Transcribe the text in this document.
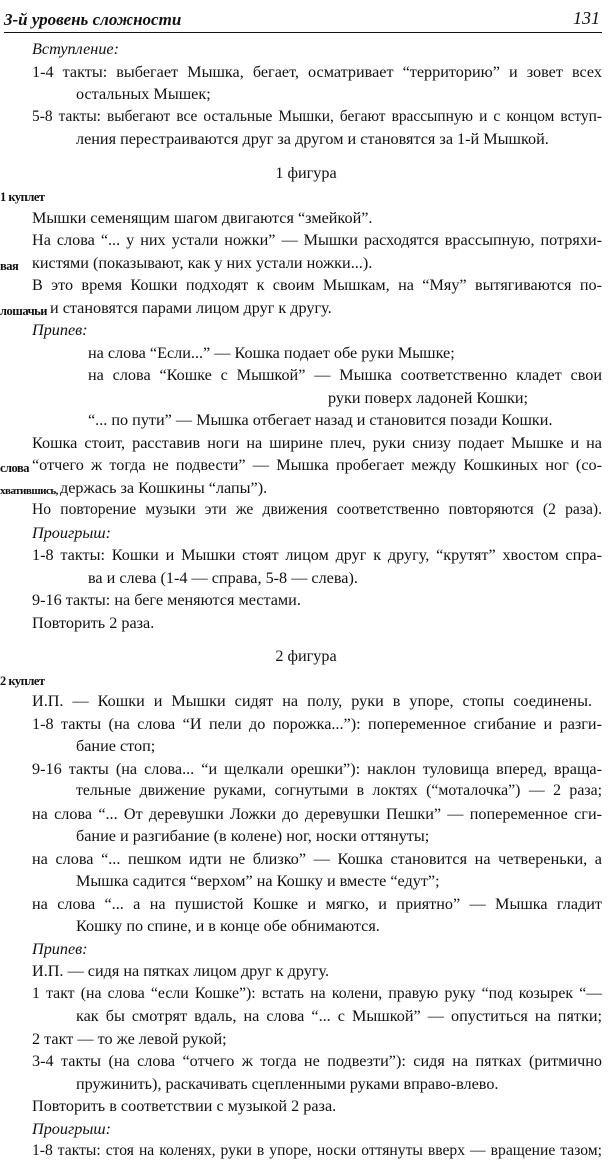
3-й уровень сложности	131
Вступление:
1-4 такты: выбегает Мышка, бегает, осматривает “территорию” и зовет всех
остальных Мышек;
5-8 такты: выбегают все остальные Мышки, бегают врассыпную и с концом вступ-
ления перестраиваются друг за другом и становятся за 1-й Мышкой.
1 фигура
1 куплет
Мышки семенящим шагом двигаются “змейкой”.
На слова “... у них устали ножки” — Мышки расходятся врассыпную, потряхи-
вая кистями (показывают, как у них устали ножки...).
В это время Кошки подходят к своим Мышкам, на “Мяу” вытягиваются по-
лошачьи и становятся парами лицом друг к другу.
Припев:
на слова “Если...” — Кошка подает обе руки Мышке;
на слова “Кошке с Мышкой” — Мышка соответственно кладет свои
руки поверх ладоней Кошки;
“... по пути” — Мышка отбегает назад и становится позади Кошки.
Кошка стоит, расставив ноги на ширине плеч, руки снизу подает Мышке и на
слова “отчего ж тогда не подвести” — Мышка пробегает между Кошкиных ног (со-
хватившись, держась за Кошкины “лапы”).
Но повторение музыки эти же движения соответственно повторяются (2 раза).
Проигрыш:
1-8 такты: Кошки и Мышки стоят лицом друг к другу, “крутят” хвостом спра-
ва и слева (1-4 — справа, 5-8 — слева).
9-16 такты: на беге меняются местами.
Повторить 2 раза.
2 фигура
2 куплет
И.П. — Кошки и Мышки сидят на полу, руки в упоре, стопы соединены.
1-8 такты (на слова “И пели до порожка...”): попеременное сгибание и разги-
бание стоп;
9-16 такты (на слова... “и щелкали орешки”): наклон туловища вперед, враща-
тельные движение руками, согнутыми в локтях (“моталочка”) — 2 раза;
на слова “... От деревушки Ложки до деревушки Пешки” — попеременное сги-
бание и разгибание (в колене) ног, носки оттянуты;
на слова “... пешком идти не близко” — Кошка становится на четвереньки, а
Мышка садится “верхом” на Кошку и вместе “едут”;
на слова “... а на пушистой Кошке и мягко, и приятно” — Мышка гладит
Кошку по спине, и в конце обе обнимаются.
Припев:
И.П. — сидя на пятках лицом друг к другу.
1 такт (на слова “если Кошке”): встать на колени, правую руку “под козырек “—
как бы смотрят вдаль, на слова “... с Мышкой” — опуститься на пятки;
2 такт — то же левой рукой;
3-4 такты (на слова “отчего ж тогда не подвезти”): сидя на пятках (ритмично
пружинить), раскачивать сцепленными руками вправо-влево.
Повторить в соответствии с музыкой 2 раза.
Проигрыш:
1-8 такты: стоя на коленях, руки в упоре, носки оттянуты вверх — вращение тазом;
